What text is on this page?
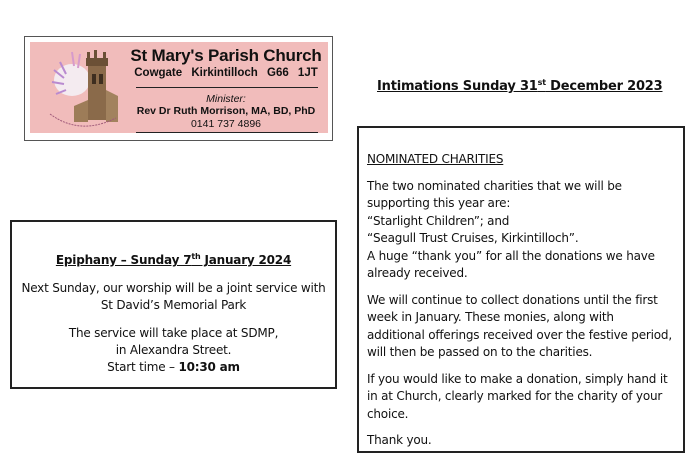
St Mary's Parish Church
Cowgate Kirkintilloch G66 1JT
Minister:
Rev Dr Ruth Morrison, MA, BD, PhD
0141 737 4896
Intimations Sunday 31st December 2023
Epiphany – Sunday 7th January 2024
Next Sunday, our worship will be a joint service with
St David’s Memorial Park
The service will take place at SDMP,
in Alexandra Street.
Start time – 10:30 am
NOMINATED CHARITIES
The two nominated charities that we will be supporting this year are:
“Starlight Children”; and
“Seagull Trust Cruises, Kirkintilloch”.
A huge “thank you” for all the donations we have already received.
We will continue to collect donations until the first week in January. These monies, along with additional offerings received over the festive period, will then be passed on to the charities.
If you would like to make a donation, simply hand it in at Church, clearly marked for the charity of your choice.
Thank you.
